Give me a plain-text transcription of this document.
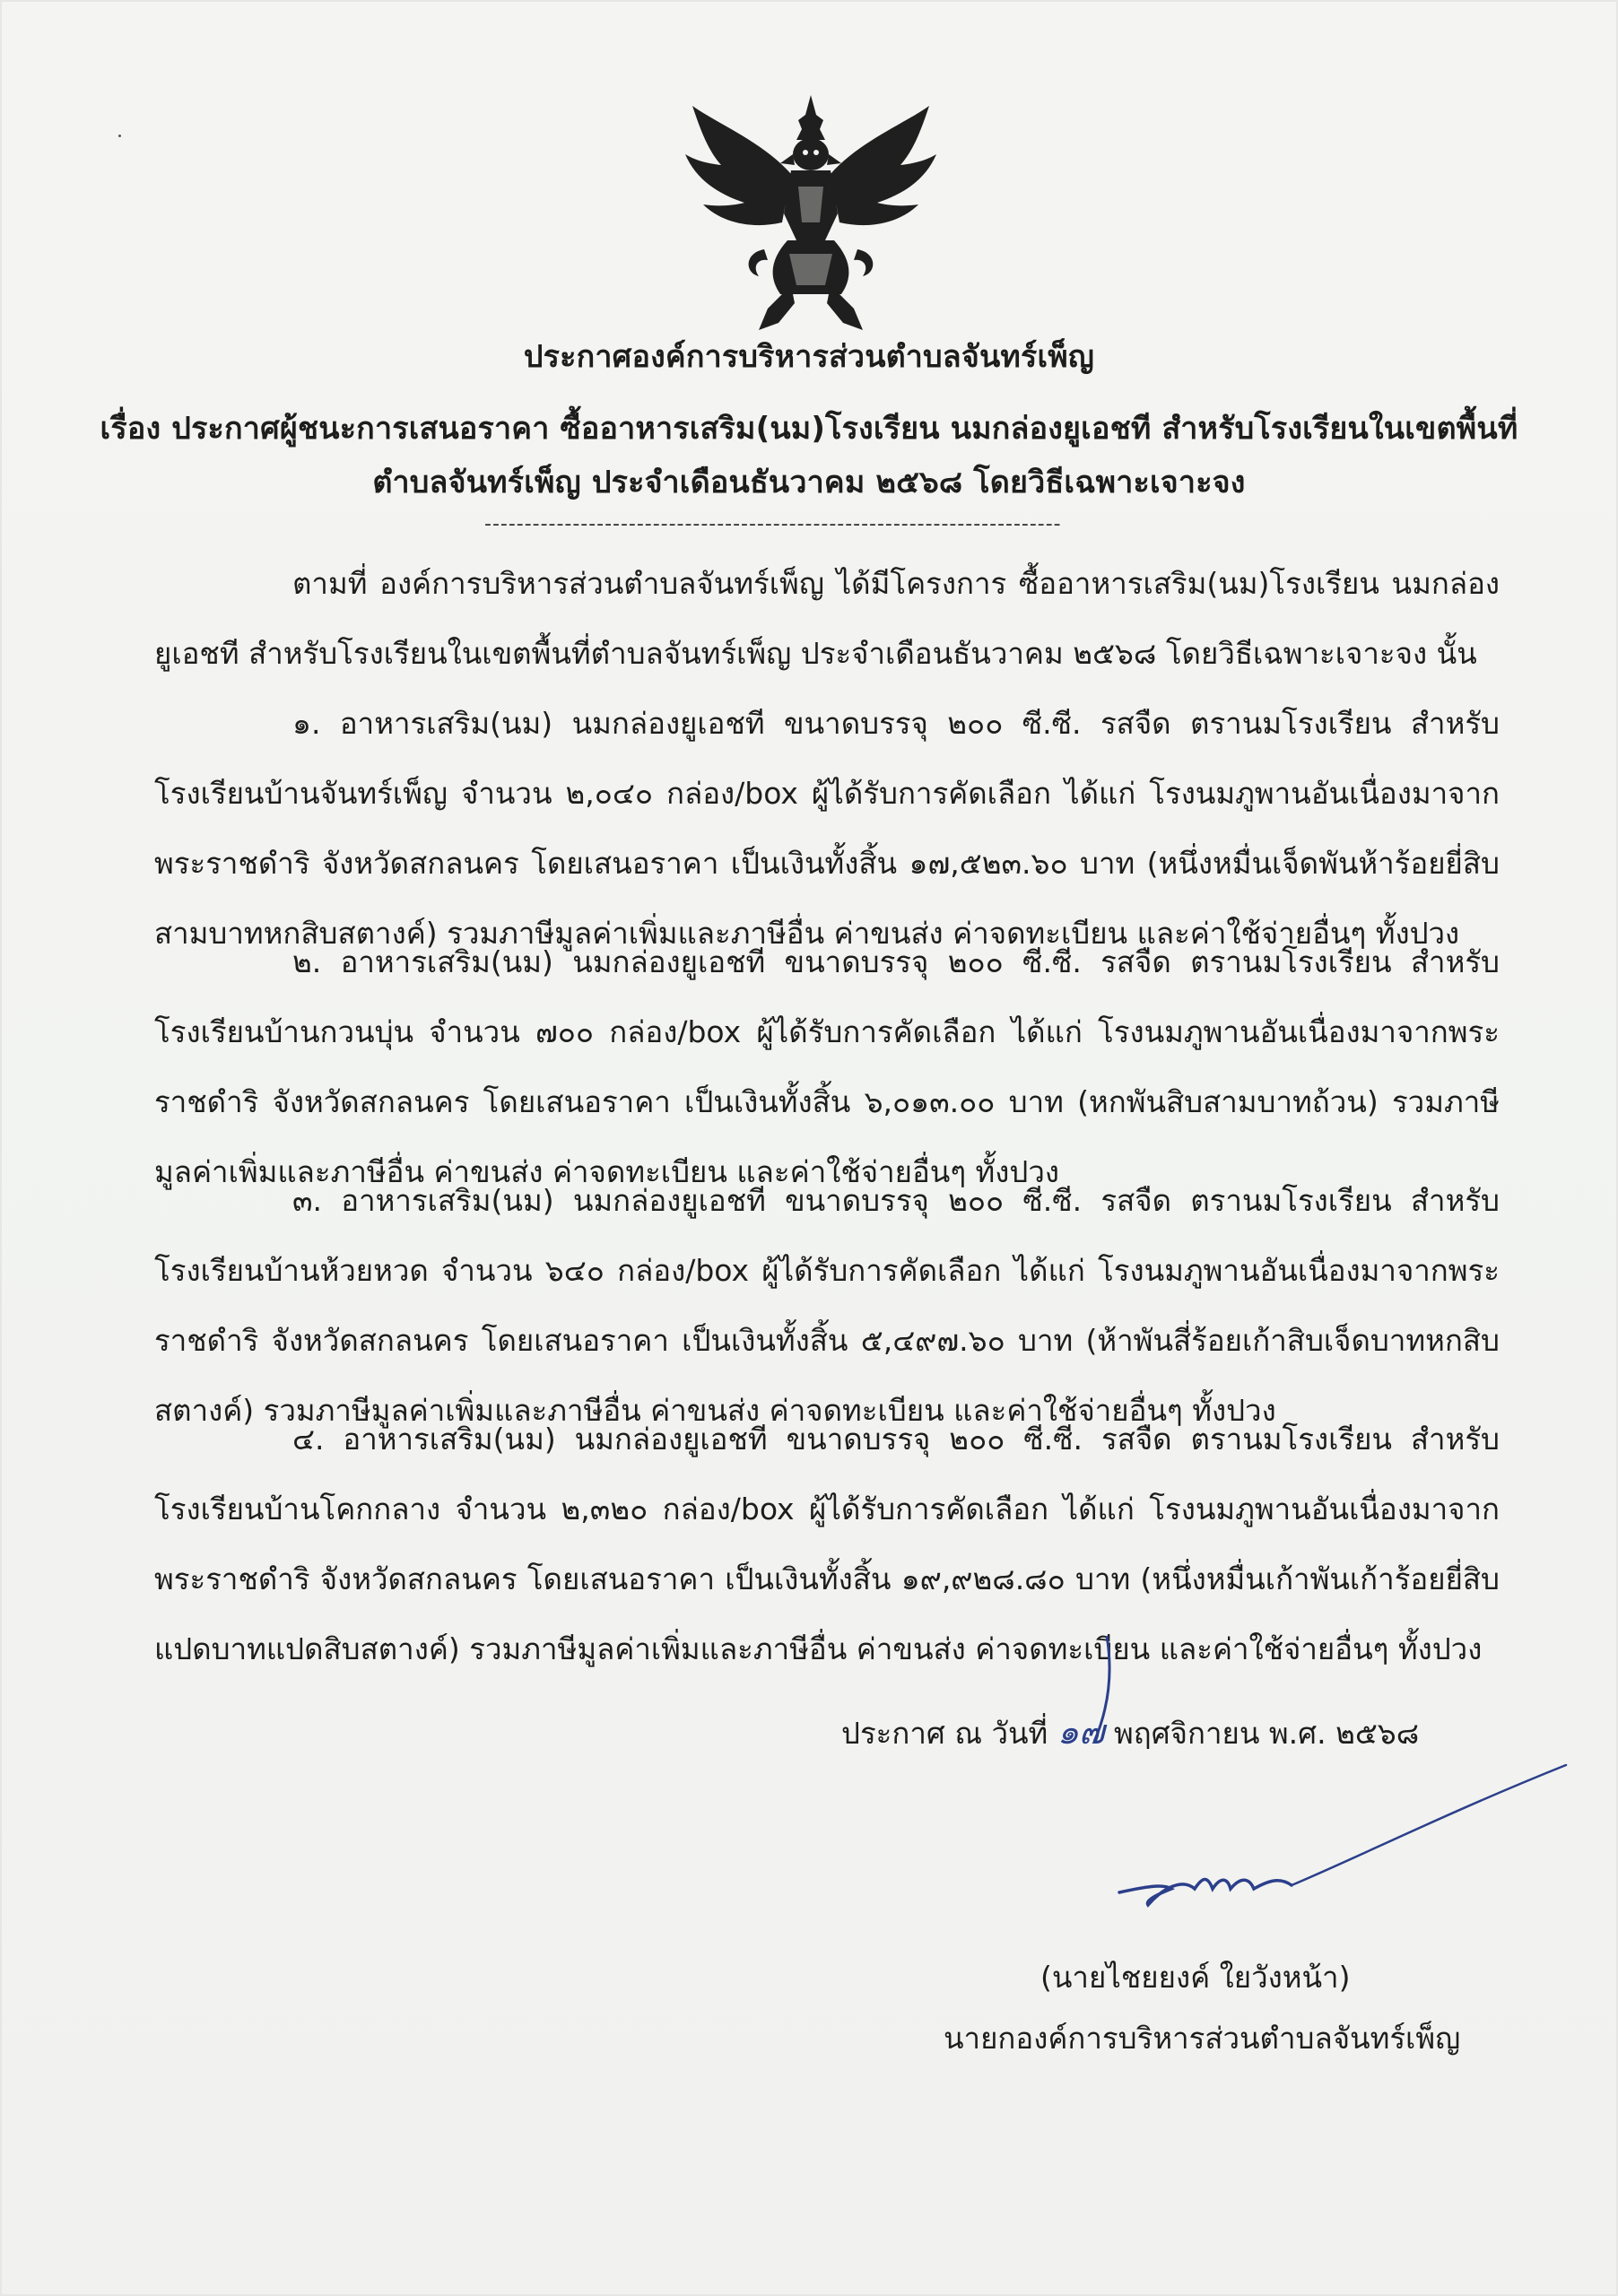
ประกาศองค์การบริหารส่วนตำบลจันทร์เพ็ญ
เรื่อง ประกาศผู้ชนะการเสนอราคา ซื้ออาหารเสริม(นม)โรงเรียน นมกล่องยูเอชที สำหรับโรงเรียนในเขตพื้นที่
ตำบลจันทร์เพ็ญ ประจำเดือนธันวาคม ๒๕๖๘ โดยวิธีเฉพาะเจาะจง
------------------------------------------------------------------------

ตามที่ องค์การบริหารส่วนตำบลจันทร์เพ็ญ ได้มีโครงการ ซื้ออาหารเสริม(นม)โรงเรียน นมกล่องยูเอชที สำหรับโรงเรียนในเขตพื้นที่ตำบลจันทร์เพ็ญ ประจำเดือนธันวาคม ๒๕๖๘ โดยวิธีเฉพาะเจาะจง นั้น

๑. อาหารเสริม(นม) นมกล่องยูเอชที ขนาดบรรจุ ๒๐๐ ซี.ซี. รสจืด ตรานมโรงเรียน สำหรับโรงเรียนบ้านจันทร์เพ็ญ จำนวน ๒,๐๔๐ กล่อง/box ผู้ได้รับการคัดเลือก ได้แก่ โรงนมภูพานอันเนื่องมาจากพระราชดำริ จังหวัดสกลนคร โดยเสนอราคา เป็นเงินทั้งสิ้น ๑๗,๕๒๓.๖๐ บาท (หนึ่งหมื่นเจ็ดพันห้าร้อยยี่สิบสามบาทหกสิบสตางค์) รวมภาษีมูลค่าเพิ่มและภาษีอื่น ค่าขนส่ง ค่าจดทะเบียน และค่าใช้จ่ายอื่นๆ ทั้งปวง

๒. อาหารเสริม(นม) นมกล่องยูเอชที ขนาดบรรจุ ๒๐๐ ซี.ซี. รสจืด ตรานมโรงเรียน สำหรับโรงเรียนบ้านกวนบุ่น จำนวน ๗๐๐ กล่อง/box ผู้ได้รับการคัดเลือก ได้แก่ โรงนมภูพานอันเนื่องมาจากพระราชดำริ จังหวัดสกลนคร โดยเสนอราคา เป็นเงินทั้งสิ้น ๖,๐๑๓.๐๐ บาท (หกพันสิบสามบาทถ้วน) รวมภาษีมูลค่าเพิ่มและภาษีอื่น ค่าขนส่ง ค่าจดทะเบียน และค่าใช้จ่ายอื่นๆ ทั้งปวง

๓. อาหารเสริม(นม) นมกล่องยูเอชที ขนาดบรรจุ ๒๐๐ ซี.ซี. รสจืด ตรานมโรงเรียน สำหรับโรงเรียนบ้านห้วยหวด จำนวน ๖๔๐ กล่อง/box ผู้ได้รับการคัดเลือก ได้แก่ โรงนมภูพานอันเนื่องมาจากพระราชดำริ จังหวัดสกลนคร โดยเสนอราคา เป็นเงินทั้งสิ้น ๕,๔๙๗.๖๐ บาท (ห้าพันสี่ร้อยเก้าสิบเจ็ดบาทหกสิบสตางค์) รวมภาษีมูลค่าเพิ่มและภาษีอื่น ค่าขนส่ง ค่าจดทะเบียน และค่าใช้จ่ายอื่นๆ ทั้งปวง

๔. อาหารเสริม(นม) นมกล่องยูเอชที ขนาดบรรจุ ๒๐๐ ซี.ซี. รสจืด ตรานมโรงเรียน สำหรับโรงเรียนบ้านโคกกลาง จำนวน ๒,๓๒๐ กล่อง/box ผู้ได้รับการคัดเลือก ได้แก่ โรงนมภูพานอันเนื่องมาจากพระราชดำริ จังหวัดสกลนคร โดยเสนอราคา เป็นเงินทั้งสิ้น ๑๙,๙๒๘.๘๐ บาท (หนึ่งหมื่นเก้าพันเก้าร้อยยี่สิบแปดบาทแปดสิบสตางค์) รวมภาษีมูลค่าเพิ่มและภาษีอื่น ค่าขนส่ง ค่าจดทะเบียน และค่าใช้จ่ายอื่นๆ ทั้งปวง

ประกาศ ณ วันที่ ๑๗ พฤศจิกายน พ.ศ. ๒๕๖๘
(นายไชยยงค์ ใยวังหน้า)
นายกองค์การบริหารส่วนตำบลจันทร์เพ็ญ
